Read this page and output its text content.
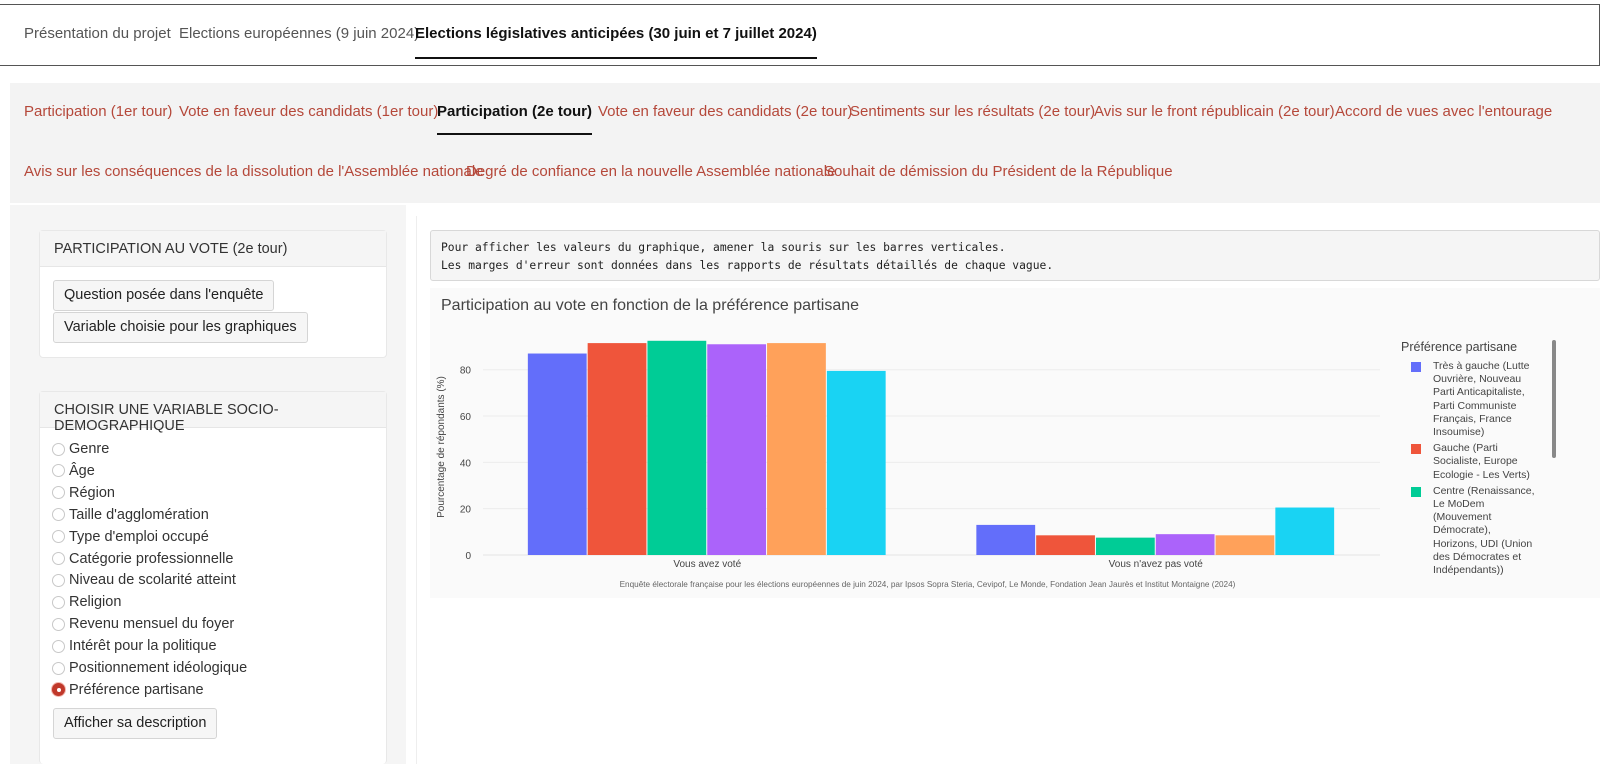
Présentation du projet Elections européennes (9 juin 2024)
Elections législatives anticipées (30 juin et 7 juillet 2024)
Participation (1er tour) Vote en faveur des candidats (1er tour)
Participation (2e tour) Vote en faveur des candidats (2e tour)
Sentiments sur les résultats (2e tour)
Avis sur le front républicain (2e tour) Accord de vues avec l'entourage
Avis sur les conséquences de la dissolution de l'Assemblée nationale
Degré de confiance en la nouvelle Assemblée nationale
Souhait de démission du Président de la République
PARTICIPATION AU VOTE (2e tour)
Question posée dans l'enquête
Variable choisie pour les graphiques
CHOISIR UNE VARIABLE SOCIO- DEMOGRAPHIQUE
Genre
Âge
Région
Taille d'agglomération
Type d'emploi occupé
Catégorie professionnelle
Niveau de scolarité atteint
Religion
Revenu mensuel du foyer
Intérêt pour la politique
Positionnement idéologique
Préférence partisane
Afficher sa description
Pour afficher les valeurs du graphique, amener la souris sur les barres verticales.
Les marges d'erreur sont données dans les rapports de résultats détaillés de chaque vague.
Participation au vote en fonction de la préférence partisane
0
20
40
60
80
Pourcentage de répondants (%)
Vous avez voté	Vous n'avez pas voté
Préférence partisane
Très à gauche (Lutte Ouvrière, Nouveau Parti Anticapitaliste, Parti Communiste Français, France Insoumise)
Gauche (Parti Socialiste, Europe Ecologie - Les Verts)
Centre (Renaissance, Le MoDem (Mouvement Démocrate), Horizons, UDI (Union des Démocrates et Indépendants))
Enquête électorale française pour les élections européennes de juin 2024, par Ipsos Sopra Steria, Cevipof, Le Monde, Fondation Jean Jaurès et Institut Montaigne (2024)
